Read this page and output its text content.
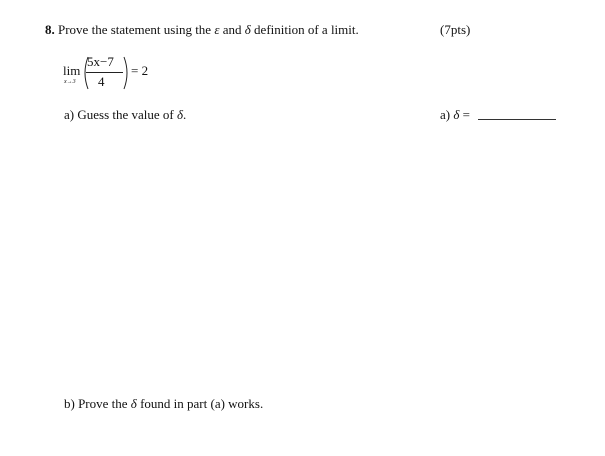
8. Prove the statement using the ε and δ definition of a limit.	(7pts)
lim
x→3
5x−7
4
= 2
a) Guess the value of δ.	a) δ =
b) Prove the δ found in part (a) works.
